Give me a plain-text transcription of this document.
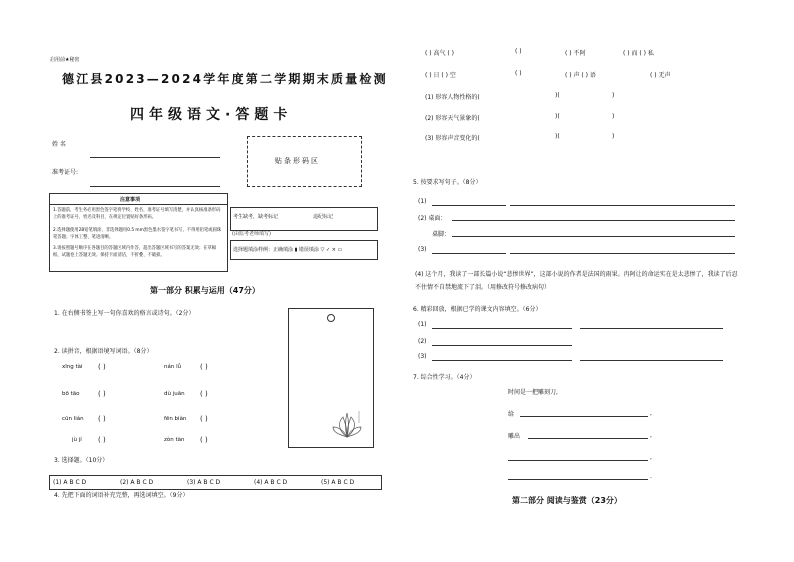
启用前★秘密
德江县2023—2024学年度第二学期期末质量检测
四年级语文·答题卡
姓 名
准考证号:
贴条形码区
注意事项
1.答题前，考生务必用黑色签字笔将学校、姓名、准考证号填写清楚，并认真核准条形码上的准考证号、姓名及科目，在规定位置贴好条形码。
2.选择题使用2B铅笔填涂，非选择题用0.5 mm黑色墨水签字笔书写，不得用铅笔或圆珠笔答题；字体工整、笔迹清晰。
3.请按照题号顺序在各题目的答题区域内作答，超出答题区域书写的答案无效；在草稿纸、试题卷上答题无效。保持卡面清洁，不折叠、不破损。
考生缺考，缺考标记	违纪标记
(由监考老师填写)
选择题填涂样例：正确填涂 ▮ 错误填涂 ▽ ✓ × ▭
第一部分 积累与运用（47分）
1. 在右侧书签上写一句你喜欢的格言或诗句。（2分）
2. 读拼音，根据语境写词语。（8分）
xīng tài ( )	nán lǚ	( )
bō tāo	( )	dù juān ( )
cūn lián ( )	fēn biàn ( )
jù jí ( )	zòn tàn ( )
3. 选择题。（10分）
(1) A B C D	(2) A B C D	(3) A B C D	(4) A B C D	(5) A B C D
4. 先把下面的词语补充完整，再选词填空。（9分）
( ) 高气 ( )	( )	( ) 不阿	( ) 而 ( ) 私
( ) 日 ( ) 空	( )	( ) 声 ( ) 语	( ) 无声
(1) 形容人物性格的(	)(	)
(2) 形容天气景象的(	)(	)
(3) 形容声音变化的(	)(	)
5. 按要求写句子。（8分）
(1)
(2) 桌面：
桌脚：
(3)
(4) 这个月，我读了一部长篇小说“悲惨世界”，这部小说的作者是法国的雨果。冉阿让的命运实在是太悲惨了，我读了后忍不住情不自禁地流下了泪。（用修改符号修改病句）
6. 精彩回放，根据已学的课文内容填空。（6分）
(1)
(2)
(3)
7. 综合性学习。（4分）
时间是一把雕刻刀,
给	,
雕出	,
,
.
第二部分 阅读与鉴赏（23分）
